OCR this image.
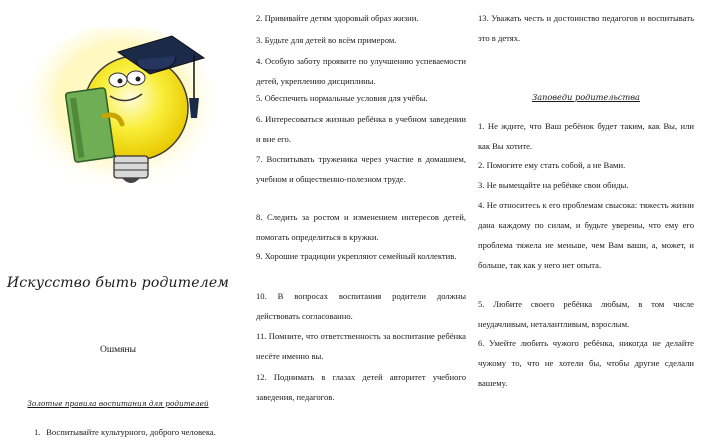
Искусство быть родителем
Ошмяны
Золотые правила воспитания для родителей
1. Воспитывайте культурного, доброго человека.
2. Прививайте детям здоровый образ жизни.
3. Будьте для детей во всём примером.
4. Особую заботу проявите по улучшению успеваемости детей, укреплению дисциплины.
5. Обеспечить нормальные условия для учёбы.
6. Интересоваться жизнью ребёнка в учебном заведении и вне его.
7. Воспитывать труженика через участие в домашнем, учебном и общественно-полезном труде.
8. Следить за ростом и изменением интересов детей, помогать определиться в кружки.
9. Хорошие традиции укрепляют семейный коллектив.
10. В вопросах воспитания родители должны действовать согласованно.
11. Помните, что ответственность за воспитание ребёнка несёте именно вы.
12. Поднимать в глазах детей авторитет учебного заведения, педагогов.
13. Уважать честь и достоинство педагогов и воспитывать это в детях.
Заповеди родительства
1. Не ждите, что Ваш ребёнок будет таким, как Вы, или как Вы хотите.
2. Помогите ему стать собой, а не Вами.
3. Не вымещайте на ребёнке свои обиды.
4. Не относитесь к его проблемам свысока: тяжесть жизни дана каждому по силам, и будьте уверены, что ему его проблема тяжела не меньше, чем Вам ваши, а, может, и больше, так как у него нет опыта.
5. Любите своего ребёнка любым, в том числе неудачливым, неталантливым, взрослым.
6. Умейте любить чужого ребёнка, никогда не делайте чужому то, что не хотели бы, чтобы другие сделали вашему.
